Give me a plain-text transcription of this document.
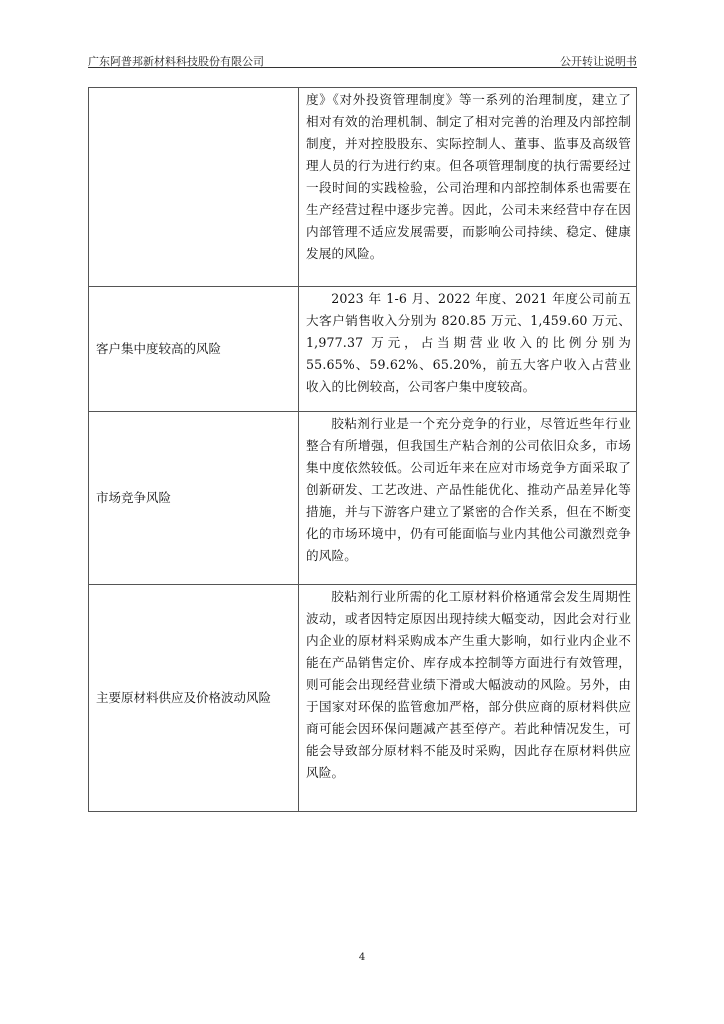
广东阿普邦新材料科技股份有限公司	公开转让说明书

	度》《对外投资管理制度》等一系列的治理制度，建立了相对有效的治理机制、制定了相对完善的治理及内部控制制度，并对控股股东、实际控制人、董事、监事及高级管理人员的行为进行约束。但各项管理制度的执行需要经过一段时间的实践检验，公司治理和内部控制体系也需要在生产经营过程中逐步完善。因此，公司未来经营中存在因内部管理不适应发展需要，而影响公司持续、稳定、健康发展的风险。

客户集中度较高的风险	2023 年 1-6 月、2022 年度、2021 年度公司前五大客户销售收入分别为 820.85 万元、1,459.60 万元、1,977.37 万元，占当期营业收入的比例分别为 55.65%、59.62%、65.20%，前五大客户收入占营业收入的比例较高，公司客户集中度较高。

市场竞争风险	胶粘剂行业是一个充分竞争的行业，尽管近些年行业整合有所增强，但我国生产粘合剂的公司依旧众多，市场集中度依然较低。公司近年来在应对市场竞争方面采取了创新研发、工艺改进、产品性能优化、推动产品差异化等措施，并与下游客户建立了紧密的合作关系，但在不断变化的市场环境中，仍有可能面临与业内其他公司激烈竞争的风险。

主要原材料供应及价格波动风险	胶粘剂行业所需的化工原材料价格通常会发生周期性波动，或者因特定原因出现持续大幅变动，因此会对行业内企业的原材料采购成本产生重大影响，如行业内企业不能在产品销售定价、库存成本控制等方面进行有效管理，则可能会出现经营业绩下滑或大幅波动的风险。另外，由于国家对环保的监管愈加严格，部分供应商的原材料供应商可能会因环保问题减产甚至停产。若此种情况发生，可能会导致部分原材料不能及时采购，因此存在原材料供应风险。
4
